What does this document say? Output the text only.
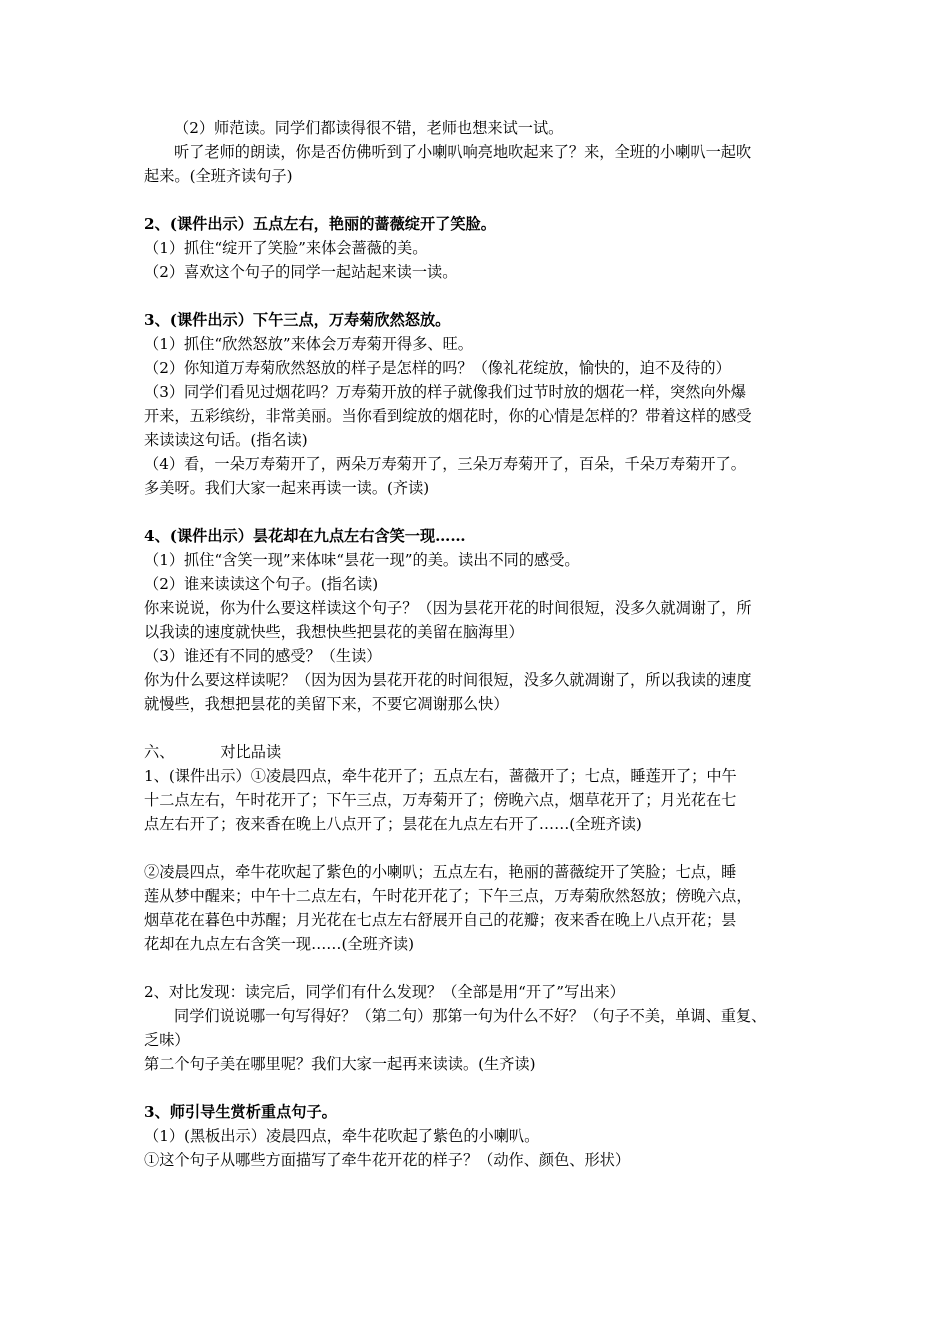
（2）师范读。同学们都读得很不错，老师也想来试一试。
听了老师的朗读，你是否仿佛听到了小喇叭响亮地吹起来了？来，全班的小喇叭一起吹
起来。(全班齐读句子)
2、(课件出示）五点左右，艳丽的蔷薇绽开了笑脸。
（1）抓住“绽开了笑脸”来体会蔷薇的美。
（2）喜欢这个句子的同学一起站起来读一读。
3、(课件出示）下午三点，万寿菊欣然怒放。
（1）抓住“欣然怒放”来体会万寿菊开得多、旺。
（2）你知道万寿菊欣然怒放的样子是怎样的吗？（像礼花绽放，愉快的，迫不及待的）
（3）同学们看见过烟花吗？万寿菊开放的样子就像我们过节时放的烟花一样，突然向外爆
开来，五彩缤纷，非常美丽。当你看到绽放的烟花时，你的心情是怎样的？带着这样的感受
来读读这句话。(指名读)
（4）看，一朵万寿菊开了，两朵万寿菊开了，三朵万寿菊开了，百朵，千朵万寿菊开了。
多美呀。我们大家一起来再读一读。(齐读)
4、(课件出示）昙花却在九点左右含笑一现……
（1）抓住“含笑一现”来体味“昙花一现”的美。读出不同的感受。
（2）谁来读读这个句子。(指名读)
你来说说，你为什么要这样读这个句子？（因为昙花开花的时间很短，没多久就凋谢了，所
以我读的速度就快些，我想快些把昙花的美留在脑海里）
（3）谁还有不同的感受？（生读）
你为什么要这样读呢？（因为因为昙花开花的时间很短，没多久就凋谢了，所以我读的速度
就慢些，我想把昙花的美留下来，不要它凋谢那么快）
六、	对比品读
1、(课件出示）①凌晨四点，牵牛花开了；五点左右，蔷薇开了；七点，睡莲开了；中午
十二点左右，午时花开了；下午三点，万寿菊开了；傍晚六点，烟草花开了；月光花在七
点左右开了；夜来香在晚上八点开了；昙花在九点左右开了……(全班齐读)
②凌晨四点，牵牛花吹起了紫色的小喇叭；五点左右，艳丽的蔷薇绽开了笑脸；七点，睡
莲从梦中醒来；中午十二点左右，午时花开花了；下午三点，万寿菊欣然怒放；傍晚六点，
烟草花在暮色中苏醒；月光花在七点左右舒展开自己的花瓣；夜来香在晚上八点开花；昙
花却在九点左右含笑一现……(全班齐读)
2、对比发现：读完后，同学们有什么发现？（全部是用“开了”写出来）
同学们说说哪一句写得好？（第二句）那第一句为什么不好？（句子不美，单调、重复、
乏味）
第二个句子美在哪里呢？我们大家一起再来读读。(生齐读)
3、师引导生赏析重点句子。
（1）(黑板出示）凌晨四点，牵牛花吹起了紫色的小喇叭。
①这个句子从哪些方面描写了牵牛花开花的样子？（动作、颜色、形状）
